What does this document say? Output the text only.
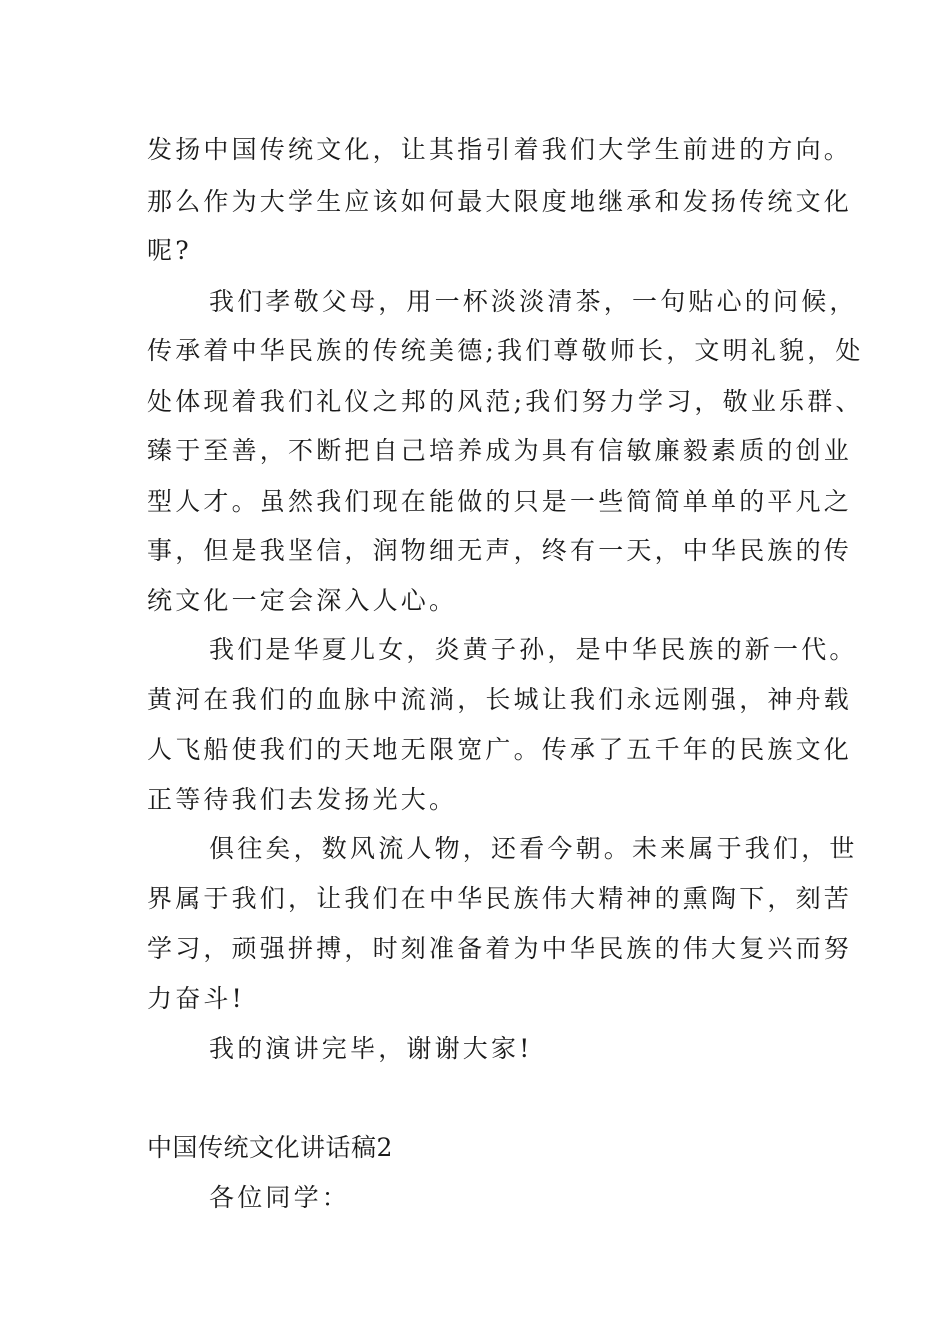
发扬中国传统文化，让其指引着我们大学生前进的方向。
那么作为大学生应该如何最大限度地继承和发扬传统文化
呢?
我们孝敬父母，用一杯淡淡清茶，一句贴心的问候，
传承着中华民族的传统美德;我们尊敬师长，文明礼貌，处
处体现着我们礼仪之邦的风范;我们努力学习，敬业乐群、
臻于至善，不断把自己培养成为具有信敏廉毅素质的创业
型人才。虽然我们现在能做的只是一些简简单单的平凡之
事，但是我坚信，润物细无声，终有一天，中华民族的传
统文化一定会深入人心。
我们是华夏儿女，炎黄子孙，是中华民族的新一代。
黄河在我们的血脉中流淌，长城让我们永远刚强，神舟载
人飞船使我们的天地无限宽广。传承了五千年的民族文化
正等待我们去发扬光大。
俱往矣，数风流人物，还看今朝。未来属于我们，世
界属于我们，让我们在中华民族伟大精神的熏陶下，刻苦
学习，顽强拼搏，时刻准备着为中华民族的伟大复兴而努
力奋斗!
我的演讲完毕，谢谢大家!
中国传统文化讲话稿2
各位同学：
